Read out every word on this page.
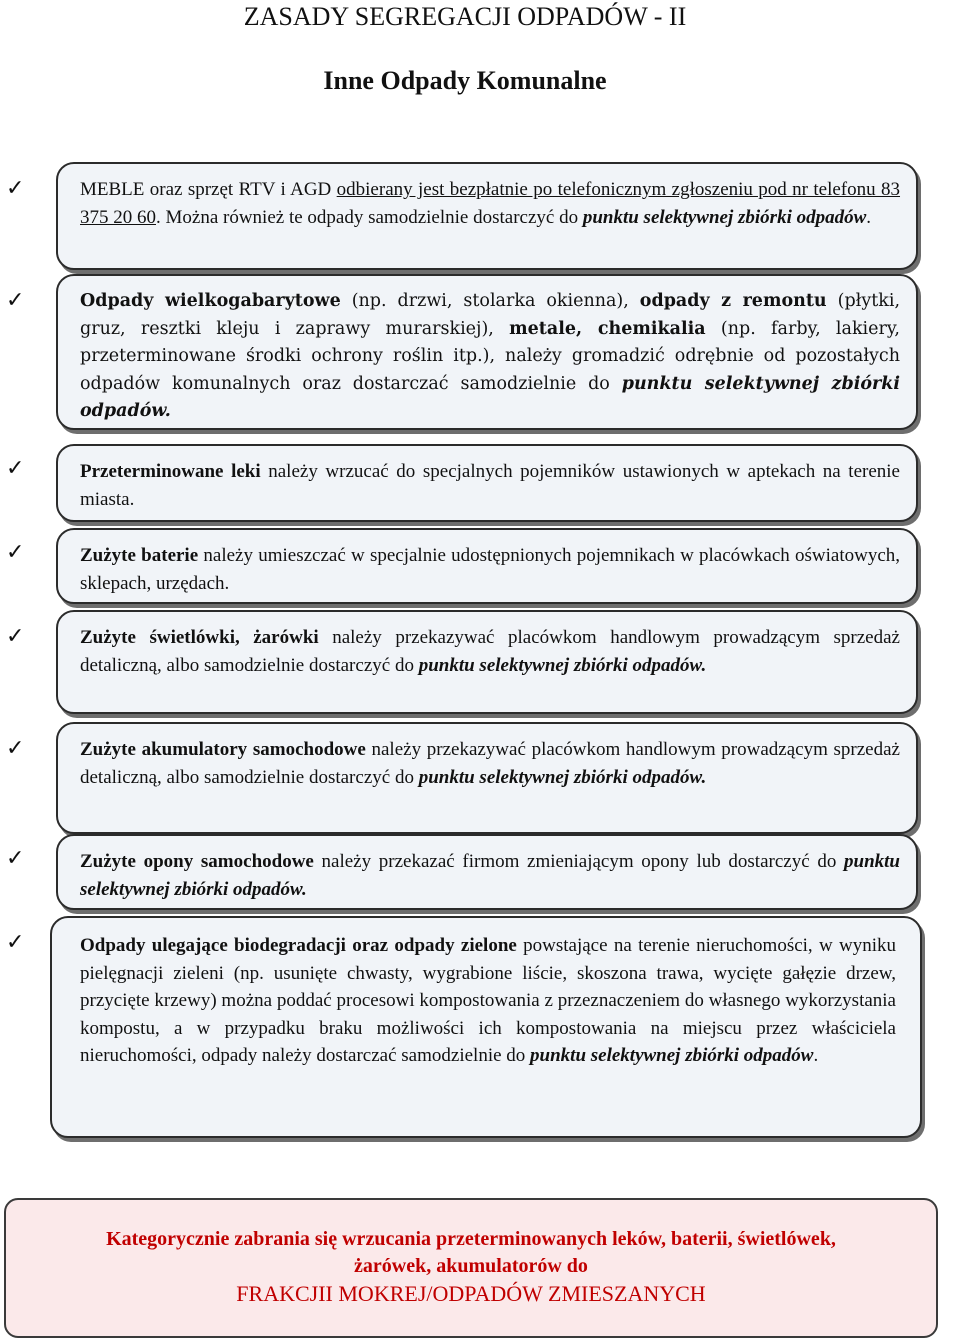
ZASADY SEGREGACJI ODPADÓW - II
Inne Odpady Komunalne
✓	MEBLE oraz sprzęt RTV i AGD odbierany jest bezpłatnie po telefonicznym zgłoszeniu pod nr telefonu 83 375 20 60. Można również te odpady samodzielnie dostarczyć do punktu selektywnej zbiórki odpadów.
✓	Odpady wielkogabarytowe (np. drzwi, stolarka okienna), odpady z remontu (płytki, gruz, resztki kleju i zaprawy murarskiej), metale, chemikalia (np. farby, lakiery, przeterminowane środki ochrony roślin itp.), należy gromadzić odrębnie od pozostałych odpadów komunalnych oraz dostarczać samodzielnie do punktu selektywnej zbiórki odpadów.
✓	Przeterminowane leki należy wrzucać do specjalnych pojemników ustawionych w aptekach na terenie miasta.
✓	Zużyte baterie należy umieszczać w specjalnie udostępnionych pojemnikach w placówkach oświatowych, sklepach, urzędach.
✓	Zużyte świetlówki, żarówki należy przekazywać placówkom handlowym prowadzącym sprzedaż detaliczną, albo samodzielnie dostarczyć do punktu selektywnej zbiórki odpadów.
✓	Zużyte akumulatory samochodowe należy przekazywać placówkom handlowym prowadzącym sprzedaż detaliczną, albo samodzielnie dostarczyć do punktu selektywnej zbiórki odpadów.
✓	Zużyte opony samochodowe należy przekazać firmom zmieniającym opony lub dostarczyć do punktu selektywnej zbiórki odpadów.
✓	Odpady ulegające biodegradacji oraz odpady zielone powstające na terenie nieruchomości, w wyniku pielęgnacji zieleni (np. usunięte chwasty, wygrabione liście, skoszona trawa, wycięte gałęzie drzew, przycięte krzewy) można poddać procesowi kompostowania z przeznaczeniem do własnego wykorzystania kompostu, a w przypadku braku możliwości ich kompostowania na miejscu przez właściciela nieruchomości, odpady należy dostarczać samodzielnie do punktu selektywnej zbiórki odpadów.
Kategorycznie zabrania się wrzucania przeterminowanych leków, baterii, świetlówek,
żarówek, akumulatorów do
FRAKCJII MOKREJ/ODPADÓW ZMIESZANYCH
